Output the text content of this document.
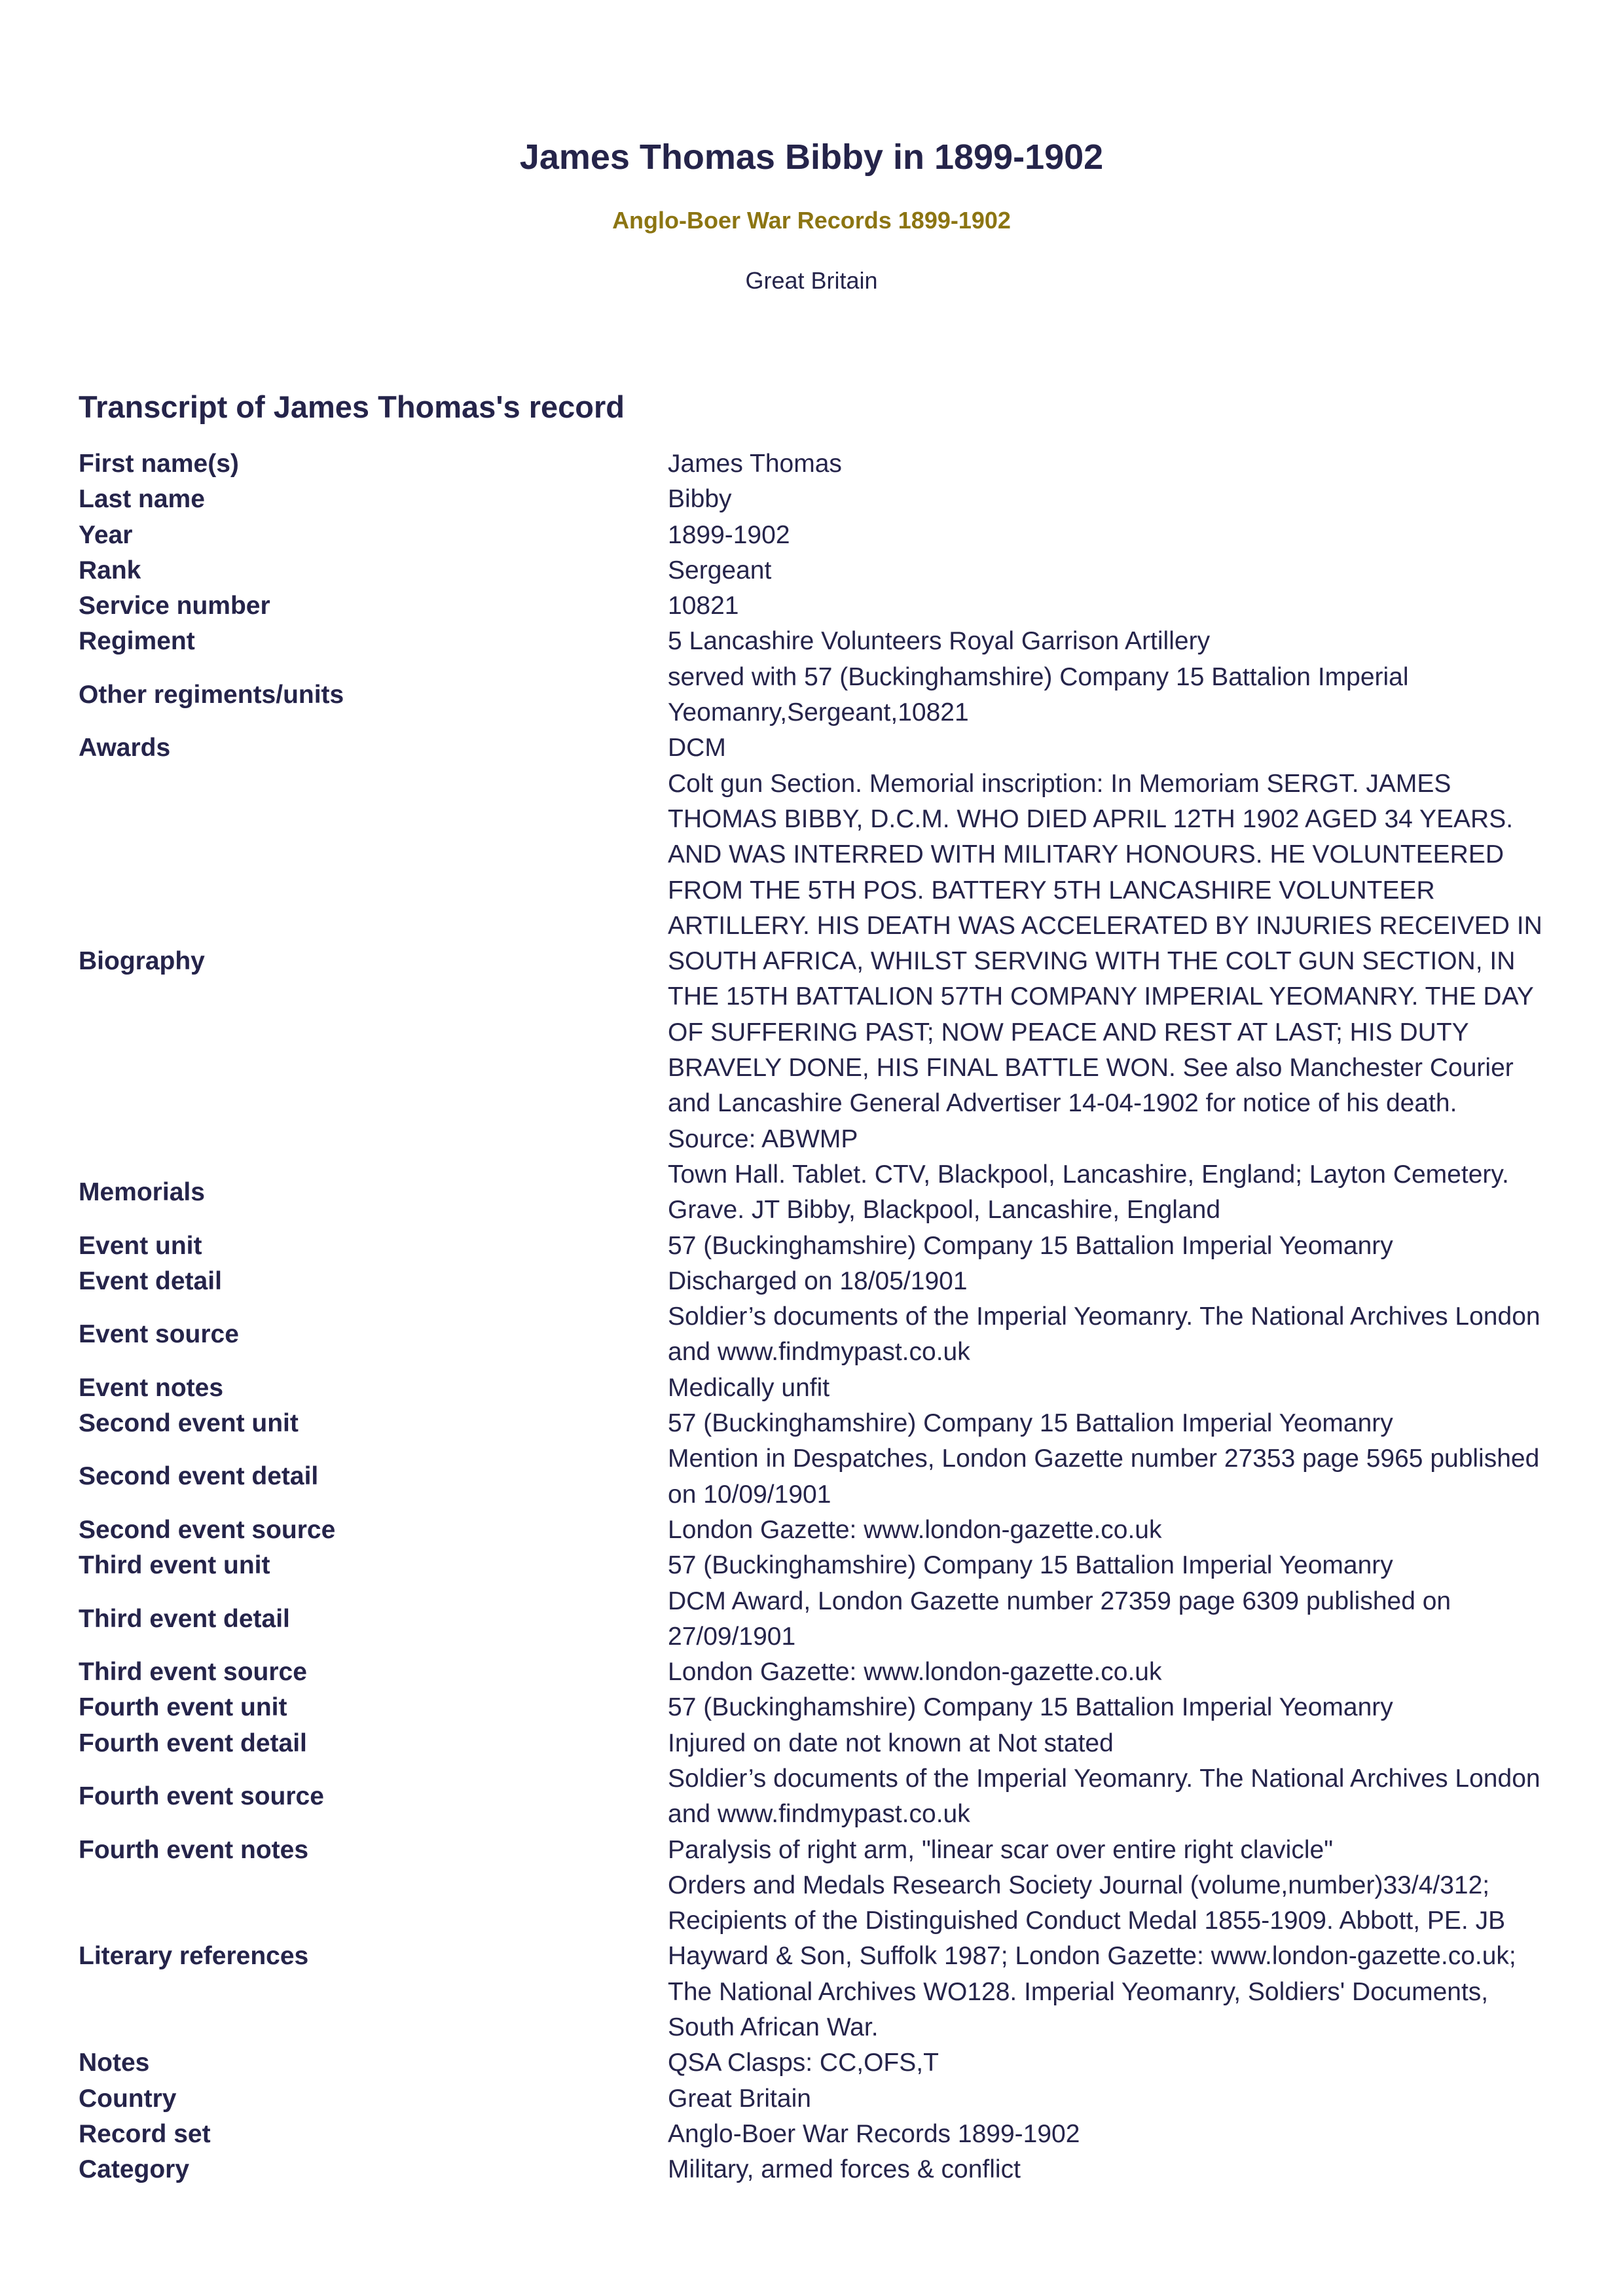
James Thomas Bibby in 1899-1902
Anglo-Boer War Records 1899-1902
Great Britain
Transcript of James Thomas's record
First name(s)	James Thomas
Last name	Bibby
Year	1899-1902
Rank	Sergeant
Service number	10821
Regiment	5 Lancashire Volunteers Royal Garrison Artillery
Other regiments/units	served with 57 (Buckinghamshire) Company 15 Battalion Imperial Yeomanry,Sergeant,10821
Awards	DCM
Biography	Colt gun Section. Memorial inscription: In Memoriam SERGT. JAMES THOMAS BIBBY, D.C.M. WHO DIED APRIL 12TH 1902 AGED 34 YEARS. AND WAS INTERRED WITH MILITARY HONOURS. HE VOLUNTEERED FROM THE 5TH POS. BATTERY 5TH LANCASHIRE VOLUNTEER ARTILLERY. HIS DEATH WAS ACCELERATED BY INJURIES RECEIVED IN SOUTH AFRICA, WHILST SERVING WITH THE COLT GUN SECTION, IN THE 15TH BATTALION 57TH COMPANY IMPERIAL YEOMANRY. THE DAY OF SUFFERING PAST; NOW PEACE AND REST AT LAST; HIS DUTY BRAVELY DONE, HIS FINAL BATTLE WON. See also Manchester Courier and Lancashire General Advertiser 14-04-1902 for notice of his death. Source: ABWMP
Memorials	Town Hall. Tablet. CTV, Blackpool, Lancashire, England; Layton Cemetery. Grave. JT Bibby, Blackpool, Lancashire, England
Event unit	57 (Buckinghamshire) Company 15 Battalion Imperial Yeomanry
Event detail	Discharged on 18/05/1901
Event source	Soldier’s documents of the Imperial Yeomanry. The National Archives London and www.findmypast.co.uk
Event notes	Medically unfit
Second event unit	57 (Buckinghamshire) Company 15 Battalion Imperial Yeomanry
Second event detail	Mention in Despatches, London Gazette number 27353 page 5965 published on 10/09/1901
Second event source	London Gazette: www.london-gazette.co.uk
Third event unit	57 (Buckinghamshire) Company 15 Battalion Imperial Yeomanry
Third event detail	DCM Award, London Gazette number 27359 page 6309 published on 27/09/1901
Third event source	London Gazette: www.london-gazette.co.uk
Fourth event unit	57 (Buckinghamshire) Company 15 Battalion Imperial Yeomanry
Fourth event detail	Injured on date not known at Not stated
Fourth event source	Soldier’s documents of the Imperial Yeomanry. The National Archives London and www.findmypast.co.uk
Fourth event notes	Paralysis of right arm, "linear scar over entire right clavicle"
Literary references	Orders and Medals Research Society Journal (volume,number)33/4/312; Recipients of the Distinguished Conduct Medal 1855-1909. Abbott, PE. JB Hayward & Son, Suffolk 1987; London Gazette: www.london-gazette.co.uk; The National Archives WO128. Imperial Yeomanry, Soldiers' Documents, South African War.
Notes	QSA Clasps: CC,OFS,T
Country	Great Britain
Record set	Anglo-Boer War Records 1899-1902
Category	Military, armed forces & conflict
